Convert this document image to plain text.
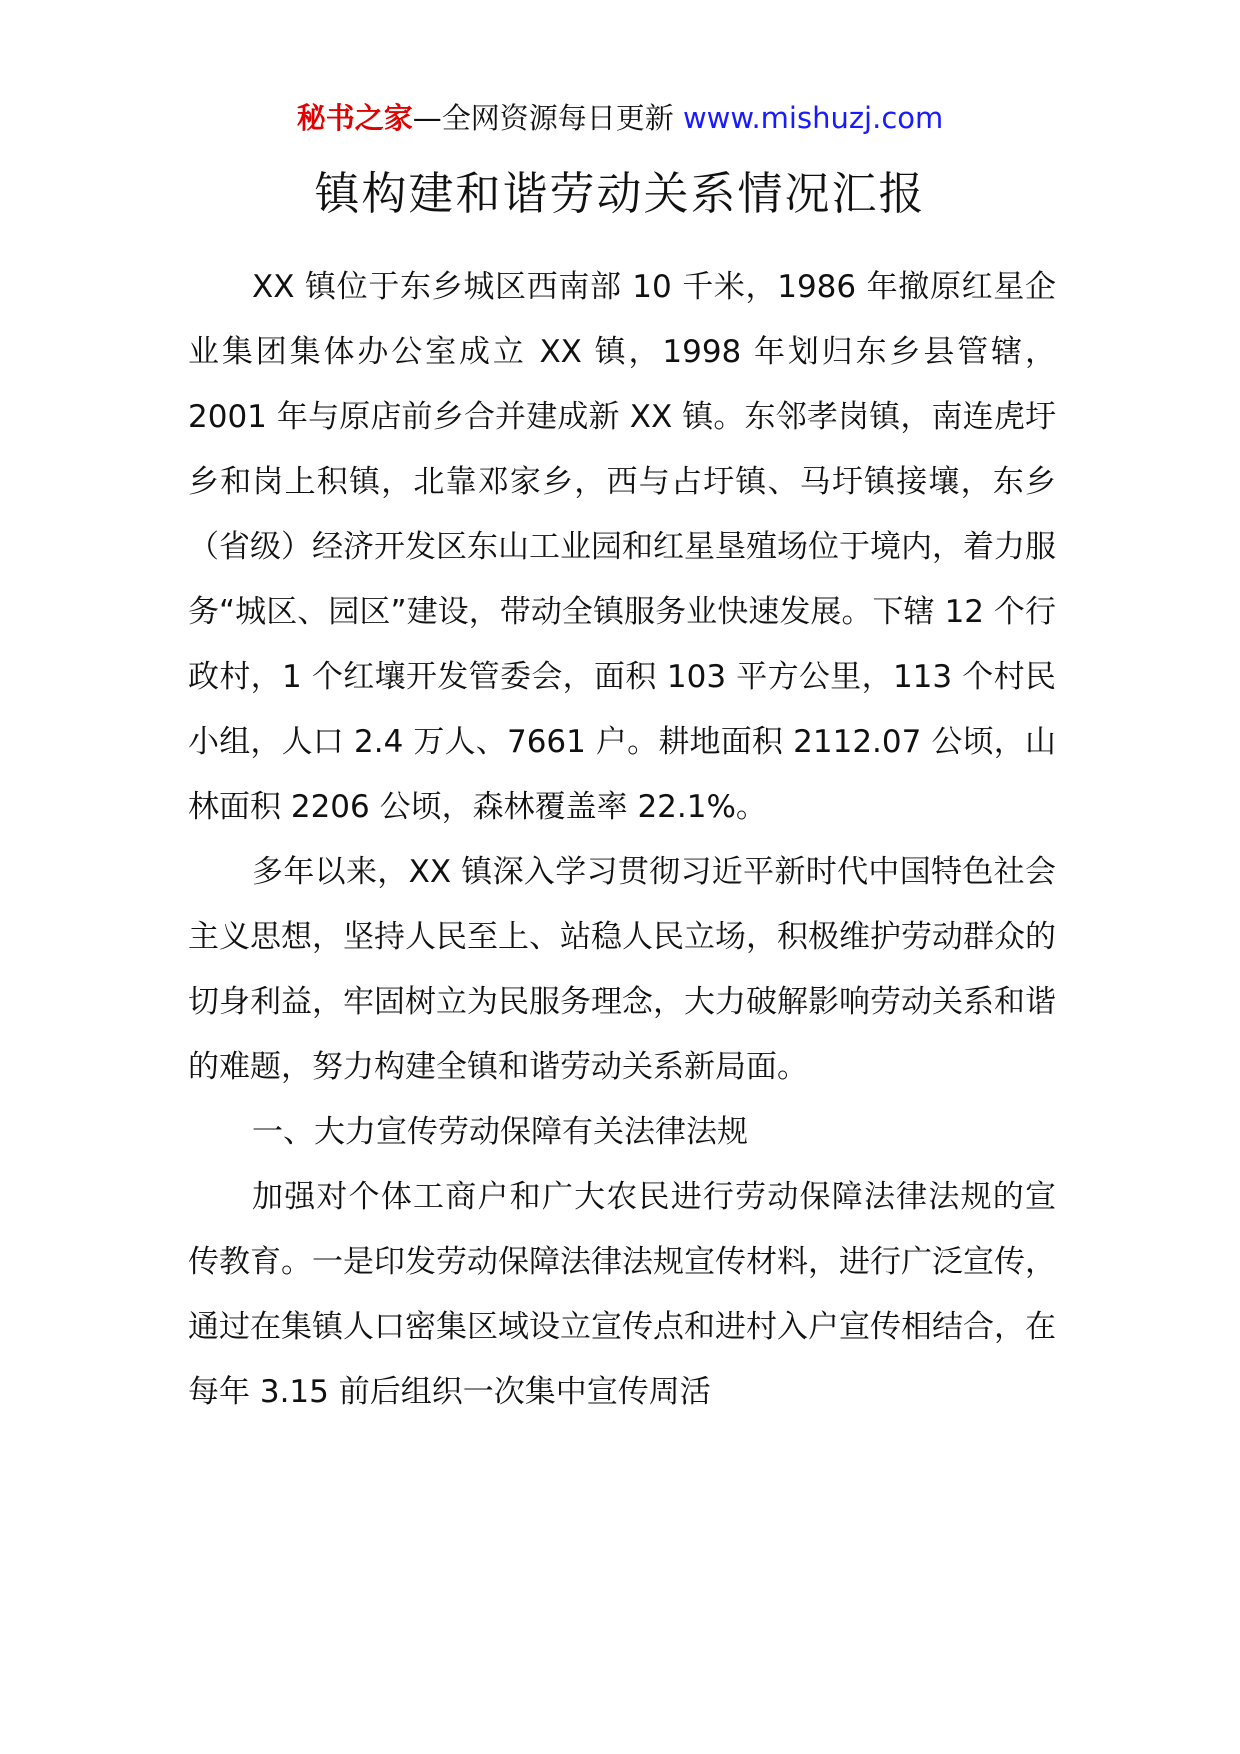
秘书之家—全网资源每日更新 www.mishuzj.com
镇构建和谐劳动关系情况汇报

XX 镇位于东乡城区西南部 10 千米，1986 年撤原红星企业集团集体办公室成立 XX 镇，1998 年划归东乡县管辖，2001 年与原店前乡合并建成新 XX 镇。东邻孝岗镇，南连虎圩乡和岗上积镇，北靠邓家乡，西与占圩镇、马圩镇接壤，东乡（省级）经济开发区东山工业园和红星垦殖场位于境内，着力服务“城区、园区”建设，带动全镇服务业快速发展。下辖 12 个行政村，1 个红壤开发管委会，面积 103 平方公里，113 个村民小组，人口 2.4 万人、7661 户。耕地面积 2112.07 公顷，山林面积 2206 公顷，森林覆盖率 22.1%。

多年以来，XX 镇深入学习贯彻习近平新时代中国特色社会主义思想，坚持人民至上、站稳人民立场，积极维护劳动群众的切身利益，牢固树立为民服务理念，大力破解影响劳动关系和谐的难题，努力构建全镇和谐劳动关系新局面。

一、大力宣传劳动保障有关法律法规

加强对个体工商户和广大农民进行劳动保障法律法规的宣传教育。一是印发劳动保障法律法规宣传材料，进行广泛宣传，通过在集镇人口密集区域设立宣传点和进村入户宣传相结合，在每年 3.15 前后组织一次集中宣传周活
